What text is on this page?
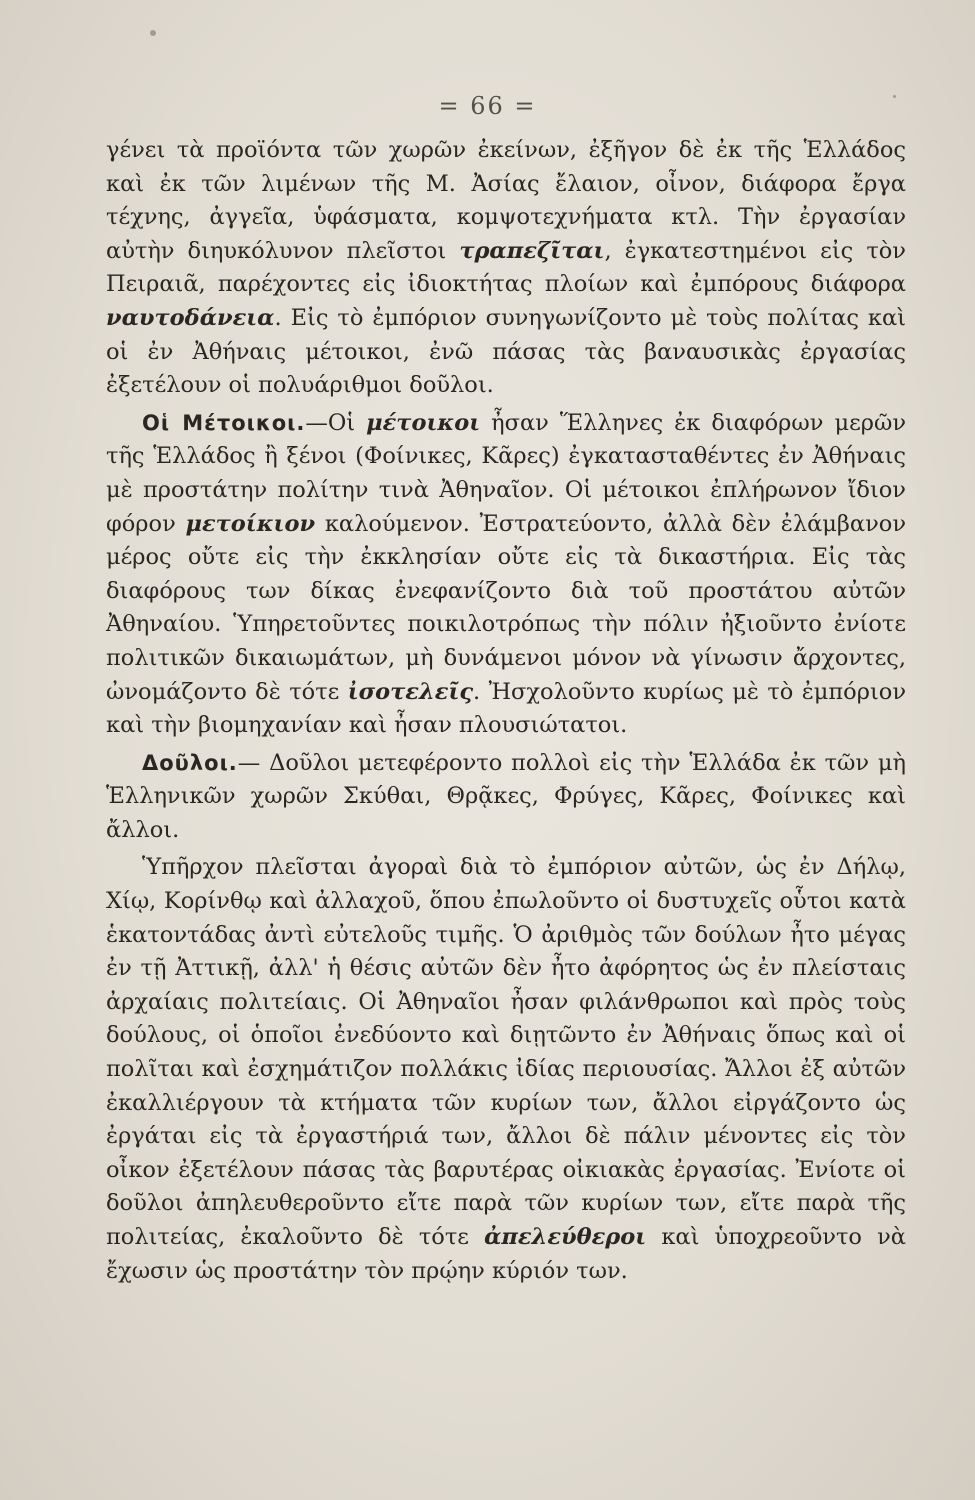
= 66 =

γένει τὰ προϊόντα τῶν χωρῶν ἐκείνων, ἐξῆγον δὲ ἐκ τῆς Ἑλλάδος καὶ ἐκ τῶν λιμένων τῆς Μ. Ἀσίας ἔλαιον, οἶνον, διάφορα ἔργα τέχνης, ἀγγεῖα, ὑφάσματα, κομψοτεχνήματα κτλ. Τὴν ἐργασίαν αὐτὴν διηυκόλυνον πλεῖστοι τραπεζῖται, ἐγκατεστημένοι εἰς τὸν Πειραιᾶ, παρέχοντες εἰς ἰδιοκτήτας πλοίων καὶ ἐμπόρους διάφορα ναυτοδάνεια. Εἰς τὸ ἐμπόριον συνηγωνίζοντο μὲ τοὺς πολίτας καὶ οἱ ἐν Ἀθήναις μέτοικοι, ἐνῶ πάσας τὰς βαναυσικὰς ἐργασίας ἐξετέλουν οἱ πολυάριθμοι δοῦλοι.

Οἱ Μέτοικοι.—Οἱ μέτοικοι ἦσαν Ἕλληνες ἐκ διαφόρων μερῶν τῆς Ἑλλάδος ἢ ξένοι (Φοίνικες, Κᾶρες) ἐγκατασταθέντες ἐν Ἀθήναις μὲ προστάτην πολίτην τινὰ Ἀθηναῖον. Οἱ μέτοικοι ἐπλήρωνον ἴδιον φόρον μετοίκιον καλούμενον. Ἐστρατεύοντο, ἀλλὰ δὲν ἐλάμβανον μέρος οὔτε εἰς τὴν ἐκκλησίαν οὔτε εἰς τὰ δικαστήρια. Εἰς τὰς διαφόρους των δίκας ἐνεφανίζοντο διὰ τοῦ προστάτου αὐτῶν Ἀθηναίου. Ὑπηρετοῦντες ποικιλοτρόπως τὴν πόλιν ἠξιοῦντο ἐνίοτε πολιτικῶν δικαιωμάτων, μὴ δυνάμενοι μόνον νὰ γίνωσιν ἄρχοντες, ὠνομάζοντο δὲ τότε ἰσοτελεῖς. Ἠσχολοῦντο κυρίως μὲ τὸ ἐμπόριον καὶ τὴν βιομηχανίαν καὶ ἦσαν πλουσιώτατοι.

Δοῦλοι.— Δοῦλοι μετεφέροντο πολλοὶ εἰς τὴν Ἑλλάδα ἐκ τῶν μὴ Ἑλληνικῶν χωρῶν Σκύθαι, Θρᾷκες, Φρύγες, Κᾶρες, Φοίνικες καὶ ἄλλοι.

Ὑπῆρχον πλεῖσται ἀγοραὶ διὰ τὸ ἐμπόριον αὐτῶν, ὡς ἐν Δήλῳ, Χίῳ, Κορίνθῳ καὶ ἀλλαχοῦ, ὅπου ἐπωλοῦντο οἱ δυστυχεῖς οὗτοι κατὰ ἑκατοντάδας ἀντὶ εὐτελοῦς τιμῆς. Ὁ ἀριθμὸς τῶν δούλων ἦτο μέγας ἐν τῇ Ἀττικῇ, ἀλλ' ἡ θέσις αὐτῶν δὲν ἦτο ἀφόρητος ὡς ἐν πλείσταις ἀρχαίαις πολιτείαις. Οἱ Ἀθηναῖοι ἦσαν φιλάνθρωποι καὶ πρὸς τοὺς δούλους, οἱ ὁποῖοι ἐνεδύοντο καὶ διῃτῶντο ἐν Ἀθήναις ὅπως καὶ οἱ πολῖται καὶ ἐσχημάτιζον πολλάκις ἰδίας περιουσίας. Ἄλλοι ἐξ αὐτῶν ἐκαλλιέργουν τὰ κτήματα τῶν κυρίων των, ἄλλοι εἰργάζοντο ὡς ἐργάται εἰς τὰ ἐργαστήριά των, ἄλλοι δὲ πάλιν μένοντες εἰς τὸν οἶκον ἐξετέλουν πάσας τὰς βαρυτέρας οἰκιακὰς ἐργασίας. Ἐνίοτε οἱ δοῦλοι ἀπηλευθεροῦντο εἴτε παρὰ τῶν κυρίων των, εἴτε παρὰ τῆς πολιτείας, ἐκαλοῦντο δὲ τότε ἀπελεύθεροι καὶ ὑποχρεοῦντο νὰ ἔχωσιν ὡς προστάτην τὸν πρῴην κύριόν των.
